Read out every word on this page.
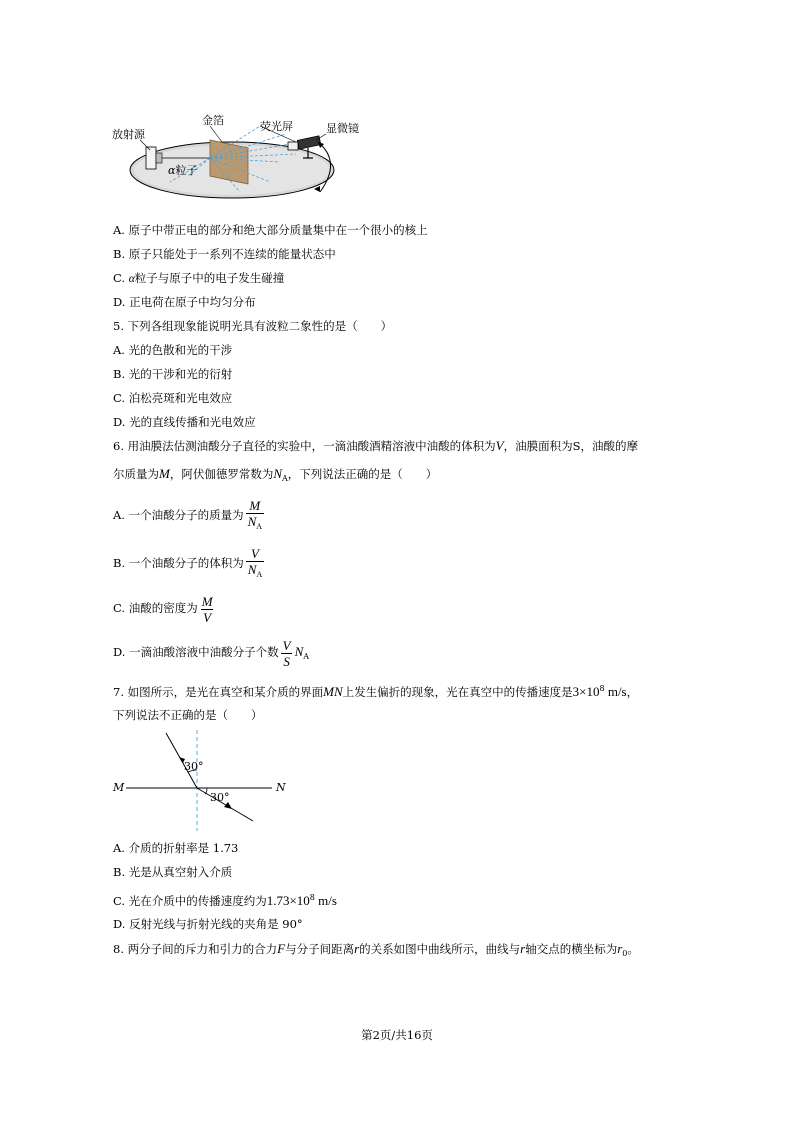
放射源
金箔	荧光屏	显微镜
α粒子
A. 原子中带正电的部分和绝大部分质量集中在一个很小的核上
B. 原子只能处于一系列不连续的能量状态中
C. α粒子与原子中的电子发生碰撞
D. 正电荷在原子中均匀分布
5. 下列各组现象能说明光具有波粒二象性的是（　　）
A. 光的色散和光的干涉
B. 光的干涉和光的衍射
C. 泊松亮斑和光电效应
D. 光的直线传播和光电效应
6. 用油膜法估测油酸分子直径的实验中，一滴油酸酒精溶液中油酸的体积为V，油膜面积为S，油酸的摩
尔质量为M，阿伏伽德罗常数为$N_A$，下列说法正确的是（　　）
A. 一个油酸分子的质量为 $\frac{M}{N_A}$
B. 一个油酸分子的体积为 $\frac{V}{N_A}$
C. 油酸的密度为 $\frac{M}{V}$
D. 一滴油酸溶液中油酸分子个数 $\frac{V}{S} N_A$
7. 如图所示，是光在真空和某介质的界面MN上发生偏折的现象，光在真空中的传播速度是$3\times 10^8$ m/s，
下列说法不正确的是（　　）
M	N
30°
30°
A. 介质的折射率是 1.73
B. 光是从真空射入介质
C. 光在介质中的传播速度约为$1.73\times 10^8$ m/s
D. 反射光线与折射光线的夹角是 90°
8. 两分子间的斥力和引力的合力F与分子间距离r的关系如图中曲线所示，曲线与r轴交点的横坐标为$r_0$。
第2页/共16页
